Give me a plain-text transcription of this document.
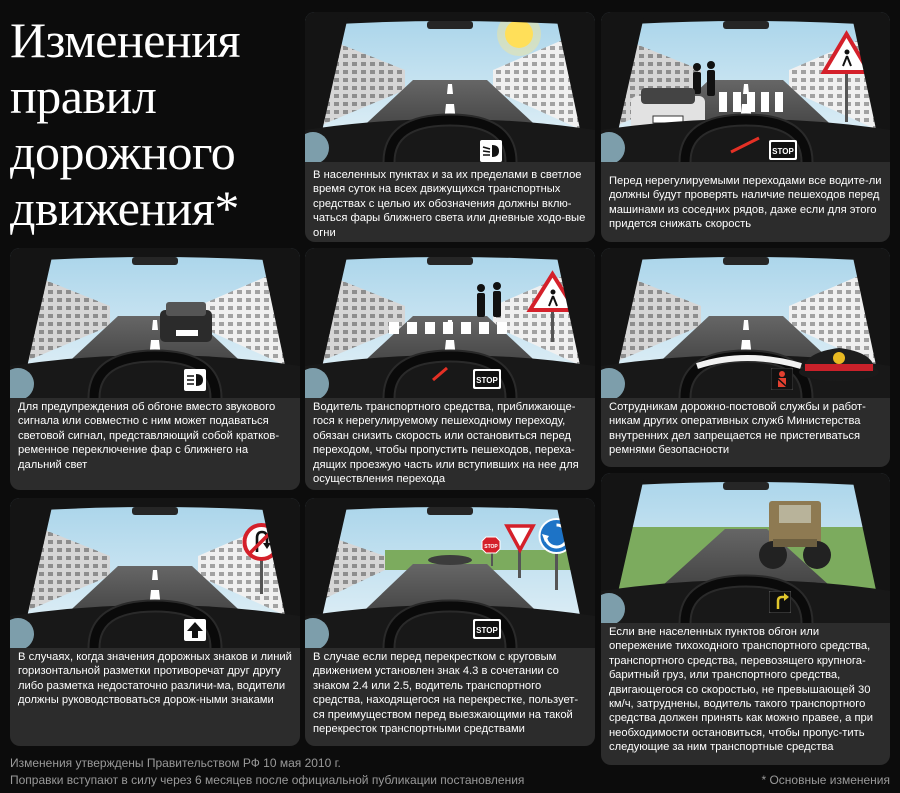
Изменения
правил
дорожного
движения*

В населенных пунктах и за их пределами в светлое время суток на всех движущихся транспортных средствах с целью их обозначения должны вклю-чаться фары ближнего света или дневные ходо-вые огни

STOP

Перед нерегулируемыми переходами все водите-ли должны будут проверять наличие пешеходов перед машинами из соседних рядов, даже если для этого придется снижать скорость

Для предупреждения об обгоне вместо звукового сигнала или совместно с ним может подаваться световой сигнал, представляющий собой кратков-ременное переключение фар с ближнего на дальний свет

STOP

Водитель транспортного средства, приближающе-гося к нерегулируемому пешеходному переходу, обязан снизить скорость или остановиться перед переходом, чтобы пропустить пешеходов, переха-дящих проезжую часть или вступивших на нее для осуществления перехода

Сотрудникам дорожно-постовой службы и работ-никам других оперативных служб Министерства внутренних дел запрещается не пристегиваться ремнями безопасности

Если вне населенных пунктов обгон или опережение тихоходного транспортного средства, транспортного средства, перевозящего крупнога-баритный груз, или транспортного средства, двигающегося со скоростью, не превышающей 30 км/ч, затруднены, водитель такого транспортного средства должен принять как можно правее, а при необходимости остановиться, чтобы пропус-тить следующие за ним транспортные средства

В случаях, когда значения дорожных знаков и линий горизонтальной разметки противоречат друг другу либо разметка недостаточно различи-ма, водители должны руководствоваться дорож-ными знаками

STOP
STOP

В случае если перед перекрестком с круговым движением установлен знак 4.3 в сочетании со знаком 2.4 или 2.5, водитель транспортного средства, находящегося на перекрестке, пользует-ся преимуществом перед выезжающими на такой перекресток транспортными средствами

Изменения утверждены Правительством РФ 10 мая 2010 г.
Поправки вступают в силу через 6 месяцев после официальной публикации постановления	* Основные изменения
